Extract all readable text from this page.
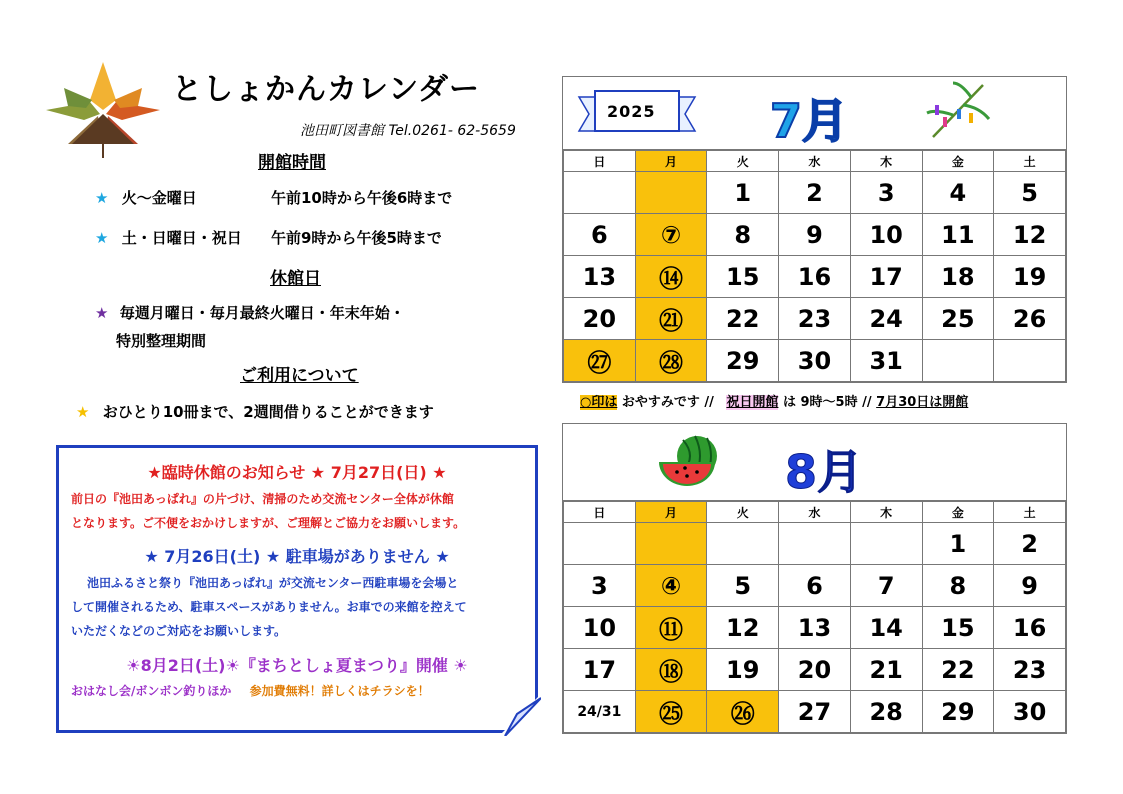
としょかんカレンダー
池田町図書館 Tel.0261- 62-5659
開館時間
★ 火～金曜日	午前10時から午後6時まで
★ 土・日曜日・祝日 午前9時から午後5時まで
休館日
★ 毎週月曜日・毎月最終火曜日・年末年始・
特別整理期間
ご利用について
★ おひとり10冊まで、2週間借りることができます
★臨時休館のお知らせ ★ 7月27日(日) ★
前日の『池田あっぱれ』の片づけ、清掃のため交流センター全体が休館
となります。ご不便をおかけしますが、ご理解とご協力をお願いします。
★ 7月26日(土) ★ 駐車場がありません ★
池田ふるさと祭り『池田あっぱれ』が交流センター西駐車場を会場と
して開催されるため、駐車スペースがありません。お車での来館を控えて
いただくなどのご対応をお願いします。
☀8月2日(土)☀『まちとしょ夏まつり』開催 ☀
おはなし会/ボンボン釣りほか 参加費無料！詳しくはチラシを！
2025 7月
日	月	火	水	木	金	土
		1	2	3	4	5
6	⑦	8	9	10	11	12
13	⑭	15	16	17	18	19
20	㉑	22	23	24	25	26
㉗	㉘	29	30	31		
○印は おやすみです // 祝日開館 は 9時～5時 // 7月30日は開館
8月
日	月	火	水	木	金	土
					1	2
3	④	5	6	7	8	9
10	⑪	12	13	14	15	16
17	⑱	19	20	21	22	23
24/31	㉕	㉖	27	28	29	30
